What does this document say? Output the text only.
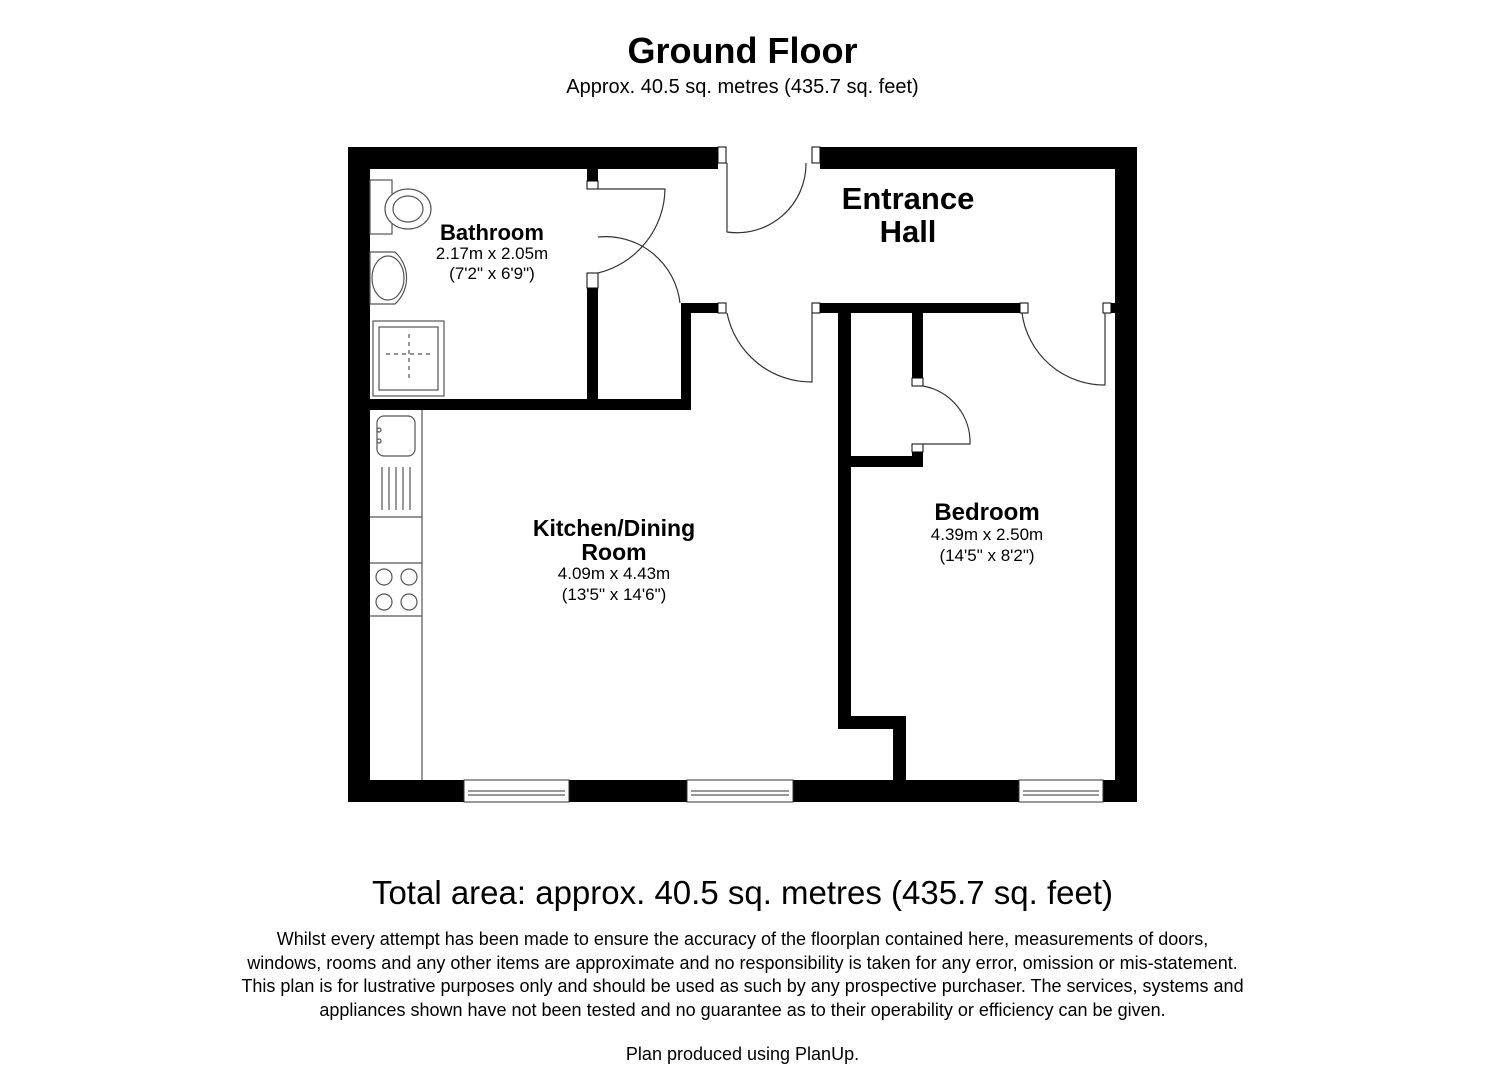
Ground Floor
Approx. 40.5 sq. metres (435.7 sq. feet)
Bathroom
2.17m x 2.05m
(7'2" x 6'9")
Entrance
Hall
Kitchen/Dining
Room
4.09m x 4.43m
(13'5" x 14'6")
Bedroom
4.39m x 2.50m
(14'5" x 8'2")
Total area: approx. 40.5 sq. metres (435.7 sq. feet)
Whilst every attempt has been made to ensure the accuracy of the floorplan contained here, measurements of doors, windows, rooms and any other items are approximate and no responsibility is taken for any error, omission or mis-statement. This plan is for lustrative purposes only and should be used as such by any prospective purchaser. The services, systems and appliances shown have not been tested and no guarantee as to their operability or efficiency can be given.
Plan produced using PlanUp.
